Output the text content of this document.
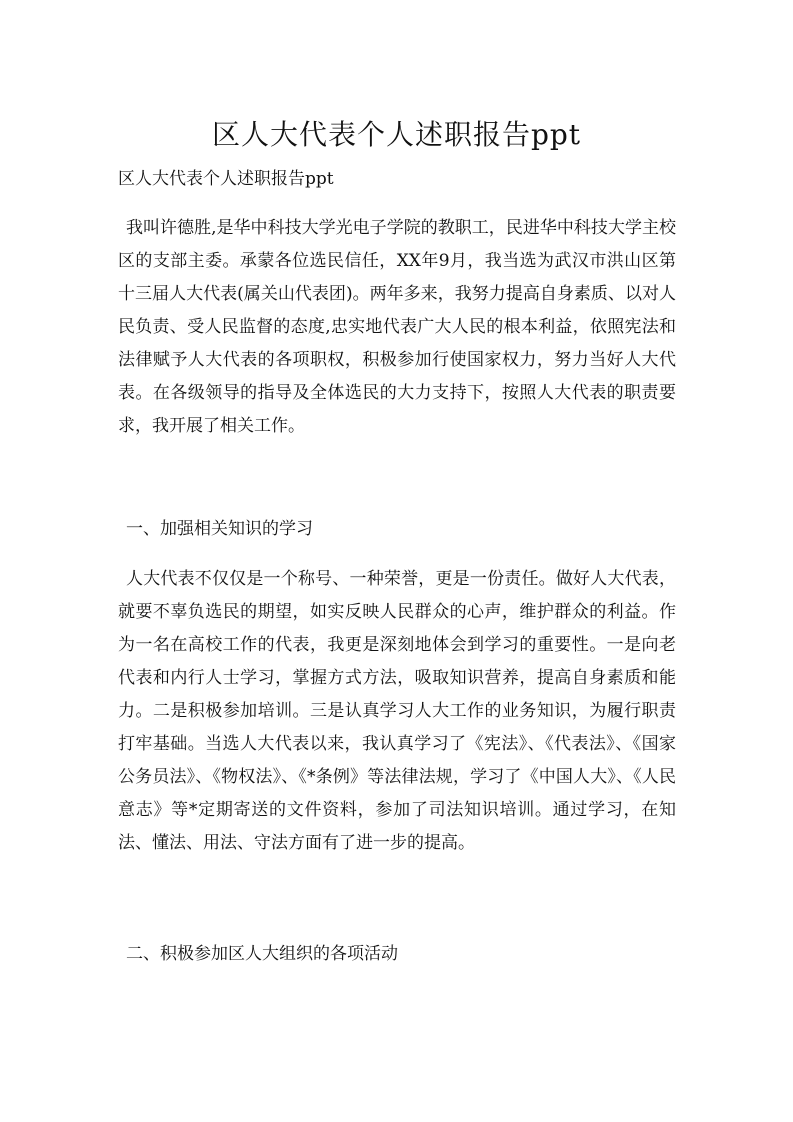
区人大代表个人述职报告ppt
区人大代表个人述职报告ppt

我叫许德胜,是华中科技大学光电子学院的教职工，民进华中科技大学主校区的支部主委。承蒙各位选民信任，XX年9月，我当选为武汉市洪山区第十三届人大代表(属关山代表团)。两年多来，我努力提高自身素质、以对人民负责、受人民监督的态度,忠实地代表广大人民的根本利益，依照宪法和法律赋予人大代表的各项职权，积极参加行使国家权力，努力当好人大代表。在各级领导的指导及全体选民的大力支持下，按照人大代表的职责要求，我开展了相关工作。

一、加强相关知识的学习

人大代表不仅仅是一个称号、一种荣誉，更是一份责任。做好人大代表，就要不辜负选民的期望，如实反映人民群众的心声，维护群众的利益。作为一名在高校工作的代表，我更是深刻地体会到学习的重要性。一是向老代表和内行人士学习，掌握方式方法，吸取知识营养，提高自身素质和能力。二是积极参加培训。三是认真学习人大工作的业务知识，为履行职责打牢基础。当选人大代表以来，我认真学习了《宪法》、《代表法》、《国家公务员法》、《物权法》、《*条例》等法律法规，学习了《中国人大》、《人民意志》等*定期寄送的文件资料，参加了司法知识培训。通过学习，在知法、懂法、用法、守法方面有了进一步的提高。

二、积极参加区人大组织的各项活动
